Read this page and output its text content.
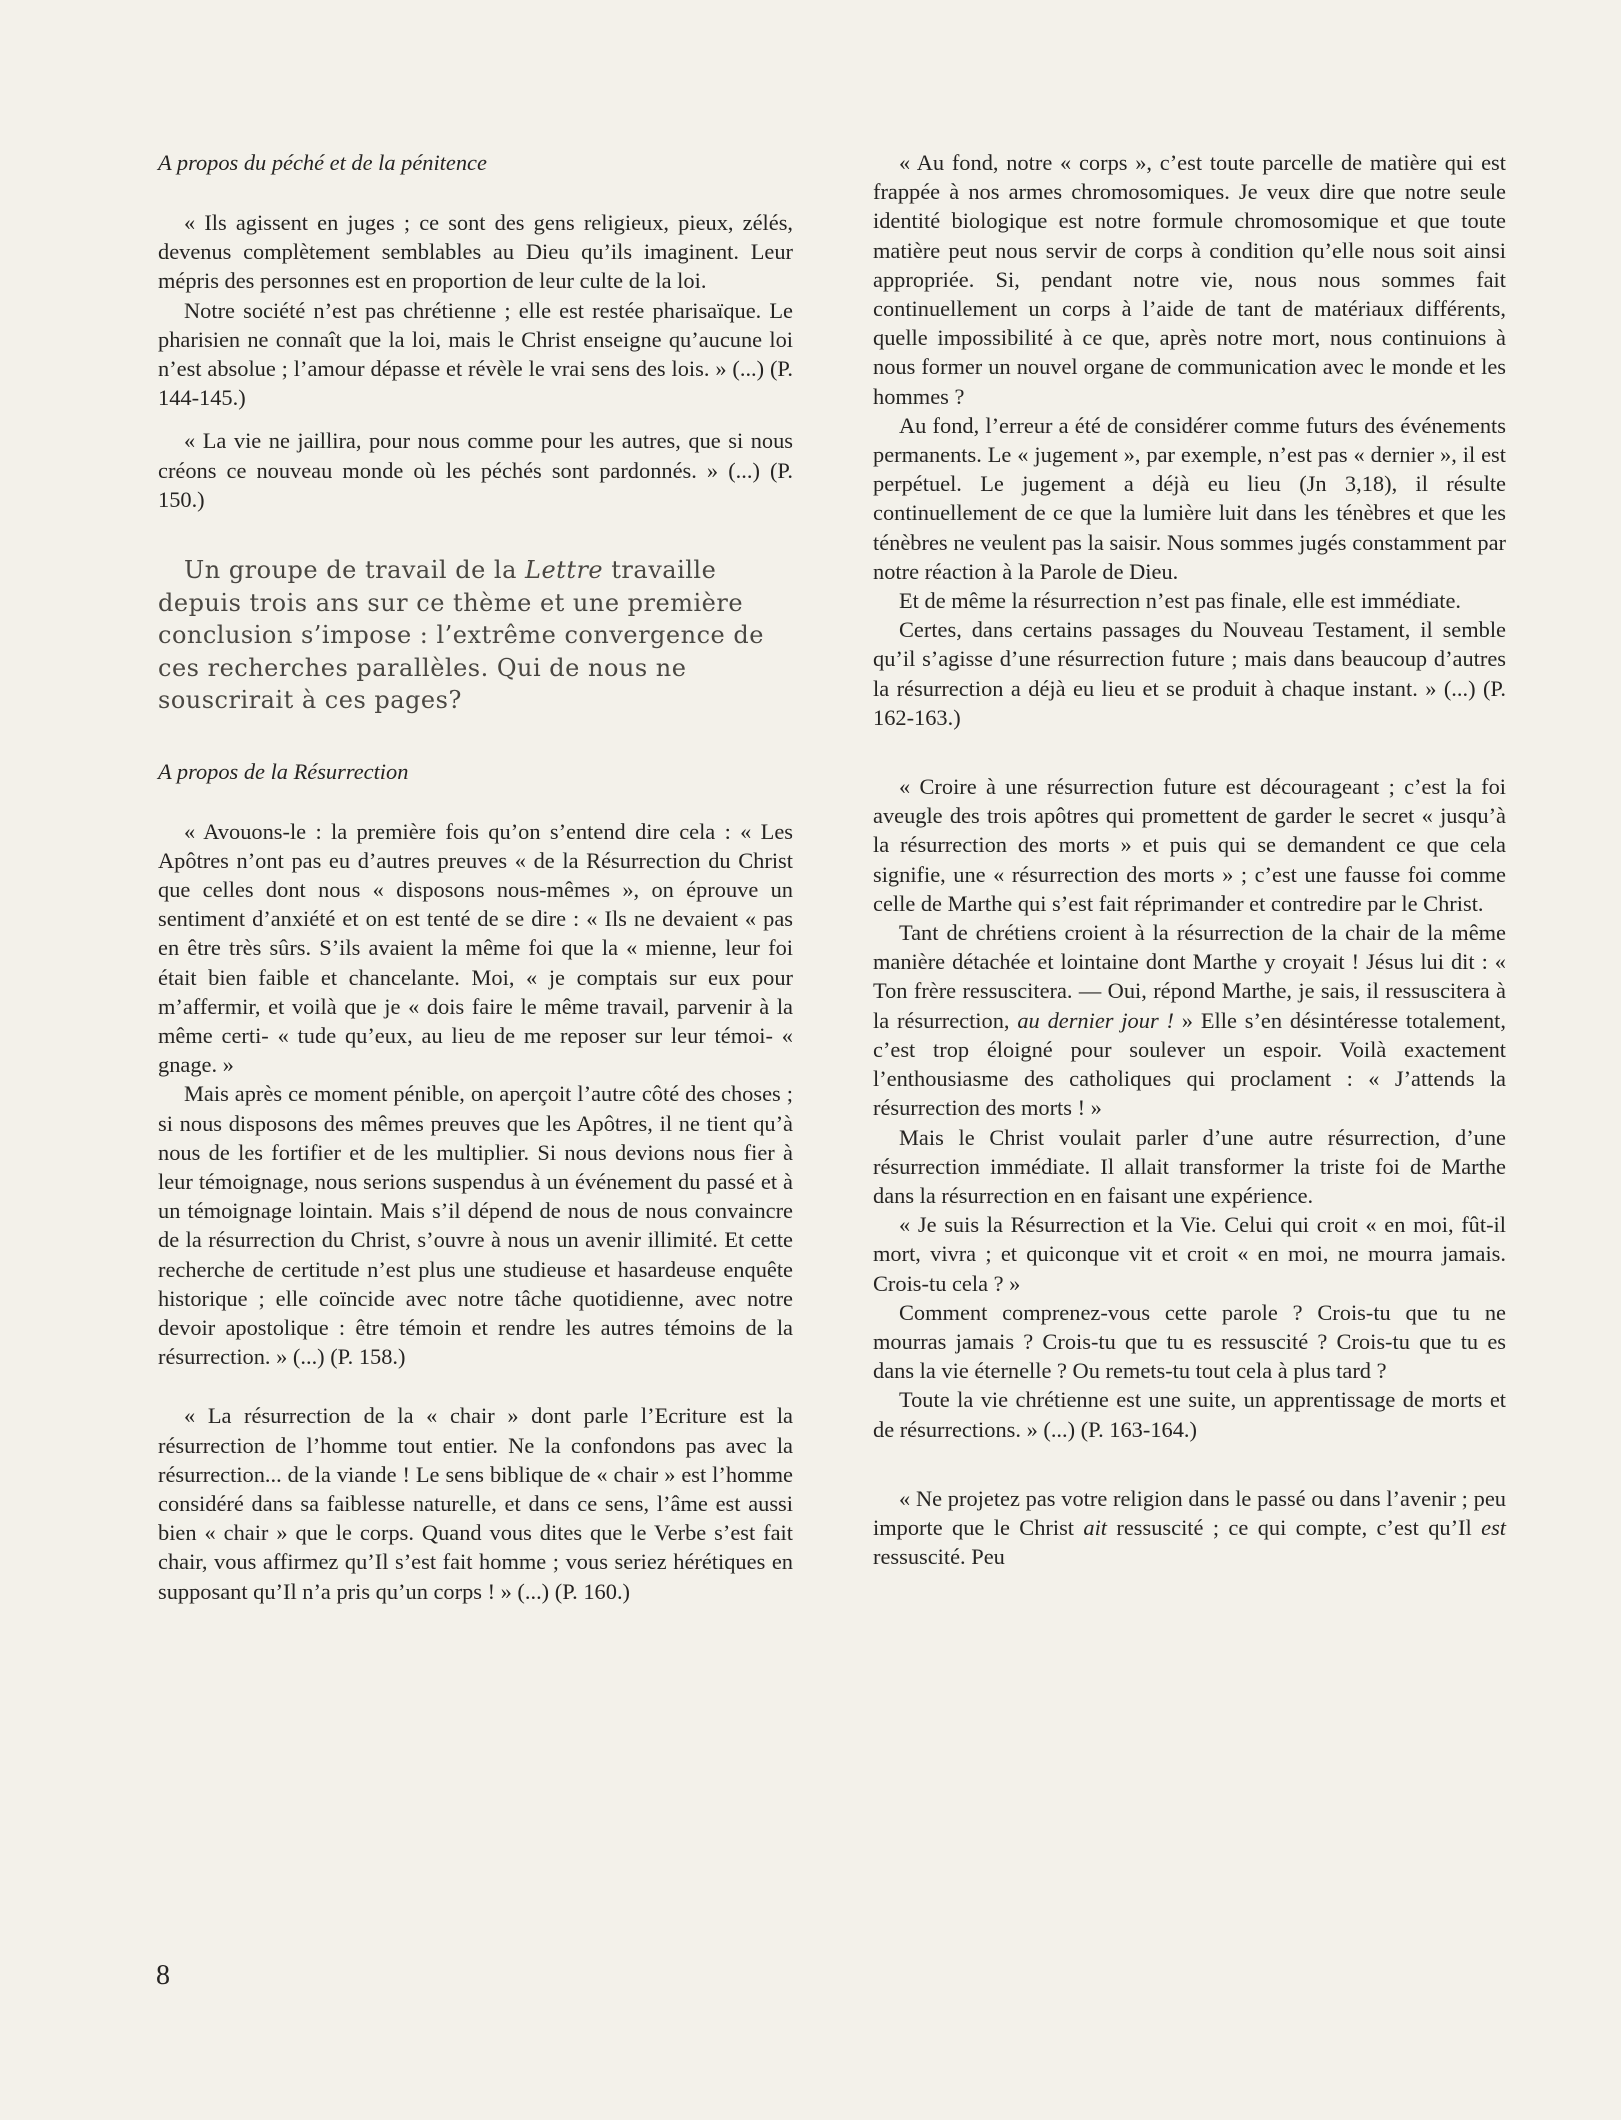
A propos du péché et de la pénitence

« Ils agissent en juges ; ce sont des gens religieux, pieux, zélés, devenus complètement semblables au Dieu qu’ils imaginent. Leur mépris des personnes est en proportion de leur culte de la loi.

Notre société n’est pas chrétienne ; elle est restée pharisaïque. Le pharisien ne connaît que la loi, mais le Christ enseigne qu’aucune loi n’est absolue ; l’amour dépasse et révèle le vrai sens des lois. » (...) (P. 144-145.)

« La vie ne jaillira, pour nous comme pour les autres, que si nous créons ce nouveau monde où les péchés sont pardonnés. » (...) (P. 150.)

Un groupe de travail de la Lettre travaille depuis trois ans sur ce thème et une première conclusion s’impose : l’extrême convergence de ces recherches parallèles. Qui de nous ne souscrirait à ces pages?

A propos de la Résurrection

« Avouons-le : la première fois qu’on s’entend dire cela : « Les Apôtres n’ont pas eu d’autres preuves « de la Résurrection du Christ que celles dont nous « disposons nous-mêmes », on éprouve un sentiment d’anxiété et on est tenté de se dire : « Ils ne devaient « pas en être très sûrs. S’ils avaient la même foi que la « mienne, leur foi était bien faible et chancelante. Moi, « je comptais sur eux pour m’affermir, et voilà que je « dois faire le même travail, parvenir à la même certi- « tude qu’eux, au lieu de me reposer sur leur témoi- « gnage. »

Mais après ce moment pénible, on aperçoit l’autre côté des choses ; si nous disposons des mêmes preuves que les Apôtres, il ne tient qu’à nous de les fortifier et de les multiplier. Si nous devions nous fier à leur témoignage, nous serions suspendus à un événement du passé et à un témoignage lointain. Mais s’il dépend de nous de nous convaincre de la résurrection du Christ, s’ouvre à nous un avenir illimité. Et cette recherche de certitude n’est plus une studieuse et hasardeuse enquête historique ; elle coïncide avec notre tâche quotidienne, avec notre devoir apostolique : être témoin et rendre les autres témoins de la résurrection. » (...) (P. 158.)

« La résurrection de la « chair » dont parle l’Ecriture est la résurrection de l’homme tout entier. Ne la confondons pas avec la résurrection... de la viande ! Le sens biblique de « chair » est l’homme considéré dans sa faiblesse naturelle, et dans ce sens, l’âme est aussi bien « chair » que le corps. Quand vous dites que le Verbe s’est fait chair, vous affirmez qu’Il s’est fait homme ; vous seriez hérétiques en supposant qu’Il n’a pris qu’un corps ! » (...) (P. 160.)

« Au fond, notre « corps », c’est toute parcelle de matière qui est frappée à nos armes chromosomiques. Je veux dire que notre seule identité biologique est notre formule chromosomique et que toute matière peut nous servir de corps à condition qu’elle nous soit ainsi appropriée. Si, pendant notre vie, nous nous sommes fait continuellement un corps à l’aide de tant de matériaux différents, quelle impossibilité à ce que, après notre mort, nous continuions à nous former un nouvel organe de communication avec le monde et les hommes ?

Au fond, l’erreur a été de considérer comme futurs des événements permanents. Le « jugement », par exemple, n’est pas « dernier », il est perpétuel. Le jugement a déjà eu lieu (Jn 3,18), il résulte continuellement de ce que la lumière luit dans les ténèbres et que les ténèbres ne veulent pas la saisir. Nous sommes jugés constamment par notre réaction à la Parole de Dieu.

Et de même la résurrection n’est pas finale, elle est immédiate.

Certes, dans certains passages du Nouveau Testament, il semble qu’il s’agisse d’une résurrection future ; mais dans beaucoup d’autres la résurrection a déjà eu lieu et se produit à chaque instant. » (...) (P. 162-163.)

« Croire à une résurrection future est décourageant ; c’est la foi aveugle des trois apôtres qui promettent de garder le secret « jusqu’à la résurrection des morts » et puis qui se demandent ce que cela signifie, une « résurrection des morts » ; c’est une fausse foi comme celle de Marthe qui s’est fait réprimander et contredire par le Christ.

Tant de chrétiens croient à la résurrection de la chair de la même manière détachée et lointaine dont Marthe y croyait ! Jésus lui dit : « Ton frère ressuscitera. — Oui, répond Marthe, je sais, il ressuscitera à la résurrection, au dernier jour ! » Elle s’en désintéresse totalement, c’est trop éloigné pour soulever un espoir. Voilà exactement l’enthousiasme des catholiques qui proclament : « J’attends la résurrection des morts ! »

Mais le Christ voulait parler d’une autre résurrection, d’une résurrection immédiate. Il allait transformer la triste foi de Marthe dans la résurrection en en faisant une expérience.

« Je suis la Résurrection et la Vie. Celui qui croit « en moi, fût-il mort, vivra ; et quiconque vit et croit « en moi, ne mourra jamais. Crois-tu cela ? »

Comment comprenez-vous cette parole ? Crois-tu que tu ne mourras jamais ? Crois-tu que tu es ressuscité ? Crois-tu que tu es dans la vie éternelle ? Ou remets-tu tout cela à plus tard ?

Toute la vie chrétienne est une suite, un apprentissage de morts et de résurrections. » (...) (P. 163-164.)

« Ne projetez pas votre religion dans le passé ou dans l’avenir ; peu importe que le Christ ait ressuscité ; ce qui compte, c’est qu’Il est ressuscité. Peu

8
